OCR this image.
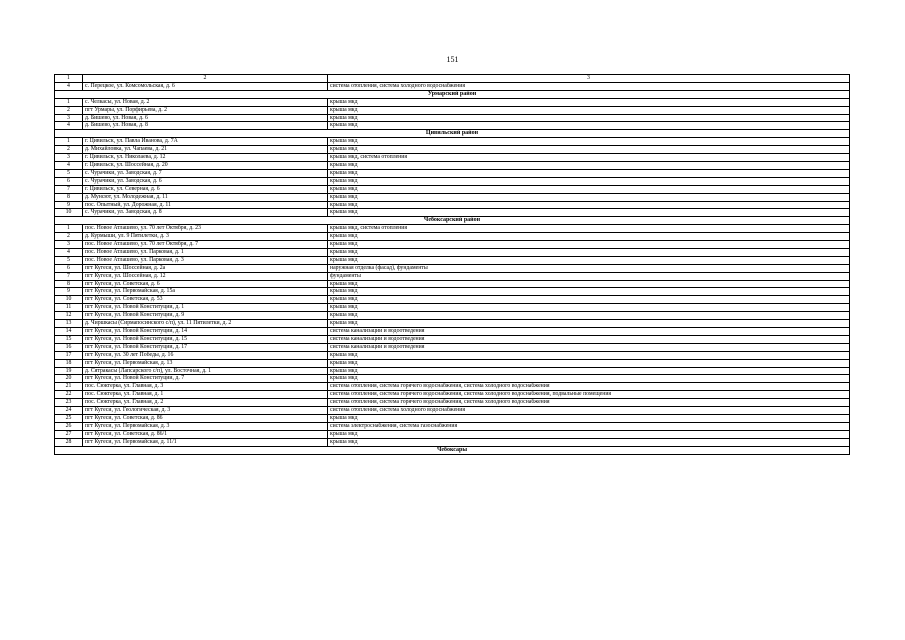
151
1	2	3
4	с. Перецкое, ул. Комсомольская, д. 6	система отопления, система холодного водоснабжения
Урмарский район		
1	с. Челкасы, ул. Новая, д. 2	крыша мкд
2	пгт Урмары, ул. Порфирьева, д. 2	крыша мкд
3	д. Бишево, ул. Новая, д. 6	крыша мкд
4	д. Бишево, ул. Новая, д. 8	крыша мкд
Цивильский район		
1	г. Цивильск, ул. Павла Иванова, д. 7А	крыша мкд
2	д. Михайловка, ул. Чапаева, д. 21	крыша мкд
3	г. Цивильск, ул. Николаева, д. 12	крыша мкд, система отопления
4	г. Цивильск, ул. Шоссейная, д. 20	крыша мкд
5	с. Чурачики, ул. Заводская, д. 7	крыша мкд
6	с. Чурачики, ул. Заводская, д. 6	крыша мкд
7	г. Цивильск, ул. Северная, д. 6	крыша мкд
8	д. Мунсют, ул. Молодежная, д. 11	крыша мкд
9	пос. Опытный, ул. Дорожная, д. 11	крыша мкд
10	с. Чурачики, ул. Заводская, д. 8	крыша мкд
Чебоксарский район		
1	пос. Новое Атлашево, ул. 70 лет Октября, д. 23	крыша мкд, система отопления
2	д. Курмыши, ул. 9 Пятилетки, д. 3	крыша мкд
3	пос. Новое Атлашево, ул. 70 лет Октября, д. 7	крыша мкд
4	пос. Новое Атлашево, ул. Парковая, д. 1	крыша мкд
5	пос. Новое Атлашево, ул. Парковая, д. 3	крыша мкд
6	пгт Кугеси, ул. Шоссейная, д. 2а	наружная отделка (фасад), фундаменты
7	пгт Кугеси, ул. Шоссейная, д. 12	фундаменты
8	пгт Кугеси, ул. Советская, д. 6	крыша мкд
9	пгт Кугеси, ул. Первомайская, д. 15а	крыша мкд
10	пгт Кугеси, ул. Советская, д. 53	крыша мкд
11	пгт Кугеси, ул. Новой Конституции, д. 1	крыша мкд
12	пгт Кугеси, ул. Новой Конституции, д. 9	крыша мкд
13	д. Чиршкасы (Сирмапосинского с/п), ул. 11 Пятилетки, д. 2	крыша мкд
14	пгт Кугеси, ул. Новой Конституции, д. 14	система канализации и водоотведения
15	пгт Кугеси, ул. Новой Конституции, д. 15	система канализации и водоотведения
16	пгт Кугеси, ул. Новой Конституции, д. 17	система канализации и водоотведения
17	пгт Кугеси, ул. 30 лет Победы, д. 16	крыша мкд
18	пгт Кугеси, ул. Первомайская, д. 13	крыша мкд
19	д. Сятракасы (Лапсарского с/п), ул. Восточная, д. 1	крыша мкд
20	пгт Кугеси, ул. Новой Конституции, д. 7	крыша мкд
21	пос. Сюктерка, ул. Главная, д. 3	система отопления, система горячего водоснабжения, система холодного водоснабжения
22	пос. Сюктерка, ул. Главная, д. 1	система отопления, система горячего водоснабжения, система холодного водоснабжения, подвальные помещения
23	пос. Сюктерка, ул. Главная, д. 2	система отопления, система горячего водоснабжения, система холодного водоснабжения
24	пгт Кугеси, ул. Геологическая, д. 3	система отопления, система холодного водоснабжения
25	пгт Кугеси, ул. Советская, д. 86	крыша мкд
26	пгт Кугеси, ул. Первомайская, д. 3	система электроснабжения, система газоснабжения
27	пгт Кугеси, ул. Советская, д. 86/1	крыша мкд
28	пгт Кугеси, ул. Первомайская, д. 11/1	крыша мкд
Чебоксары		
